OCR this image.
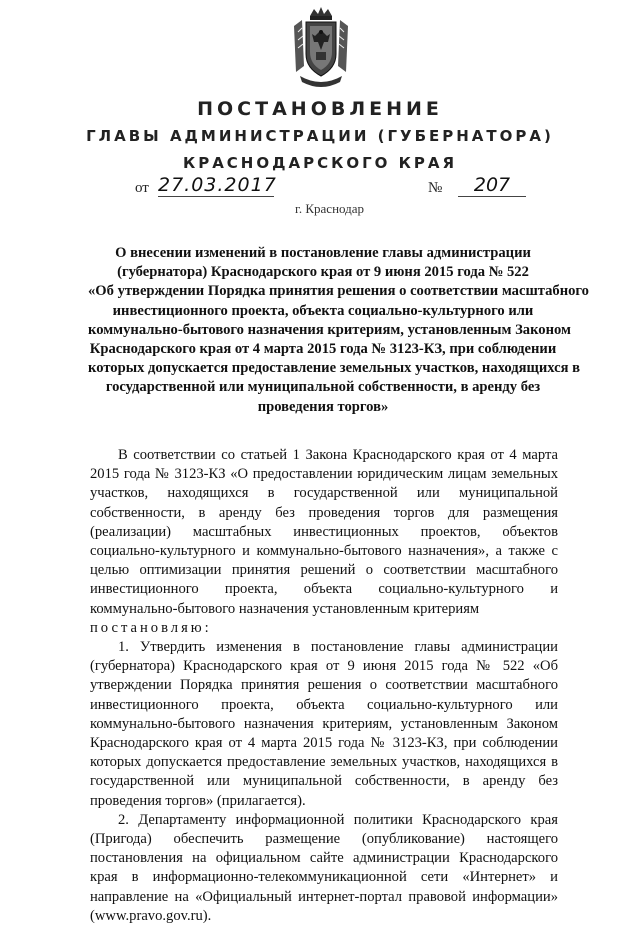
ПОСТАНОВЛЕНИЕ
ГЛАВЫ АДМИНИСТРАЦИИ (ГУБЕРНАТОРА)
КРАСНОДАРСКОГО КРАЯ
от 27.03.2017	№	207
г. Краснодар
О внесении изменений в постановление главы администрации
(губернатора) Краснодарского края от 9 июня 2015 года № 522
«Об утверждении Порядка принятия решения о соответствии масштабного
инвестиционного проекта, объекта социально-культурного или
коммунально-бытового назначения критериям, установленным Законом
Краснодарского края от 4 марта 2015 года № 3123-КЗ, при соблюдении
которых допускается предоставление земельных участков, находящихся в
государственной или муниципальной собственности, в аренду без
проведения торгов»

В соответствии со статьей 1 Закона Краснодарского края от 4 марта 2015 года № 3123-КЗ «О предоставлении юридическим лицам земельных участков, находящихся в государственной или муниципальной собственности, в аренду без проведения торгов для размещения (реализации) масштабных инвестиционных проектов, объектов социально-культурного и коммунально-бытового назначения», а также с целью оптимизации принятия решений о соответствии масштабного инвестиционного проекта, объекта социально-культурного и коммунально-бытового назначения установленным критериям

постановляю:

1. Утвердить изменения в постановление главы администрации (губернатора) Краснодарского края от 9 июня 2015 года № 522 «Об утверждении Порядка принятия решения о соответствии масштабного инвестиционного проекта, объекта социально-культурного или коммунально-бытового назначения критериям, установленным Законом Краснодарского края от 4 марта 2015 года № 3123-КЗ, при соблюдении которых допускается предоставление земельных участков, находящихся в государственной или муниципальной собственности, в аренду без проведения торгов» (прилагается).

2. Департаменту информационной политики Краснодарского края (Пригода) обеспечить размещение (опубликование) настоящего постановления на официальном сайте администрации Краснодарского края в информационно-телекоммуникационной сети «Интернет» и направление на «Официальный интернет-портал правовой информации» (www.pravo.gov.ru).
